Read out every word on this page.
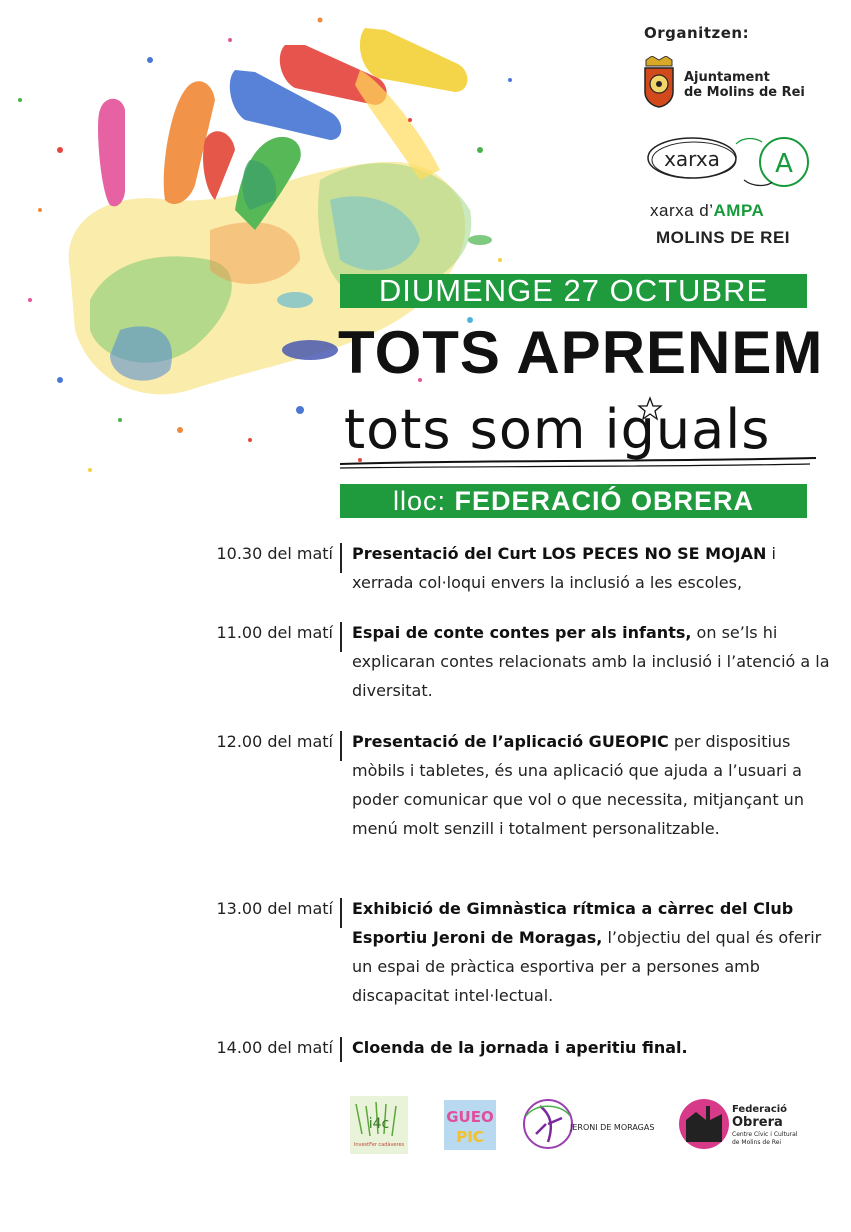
Organitzen:
Ajuntament
de Molins de Rei
xarxa A
xarxa d’AMPA
MOLINS DE REI
DIUMENGE 27 OCTUBRE
TOTS APRENEM
tots som iguals
lloc: FEDERACIÓ OBRERA
10.30 del matí Presentació del Curt LOS PECES NO SE MOJAN i xerrada col·loqui envers la inclusió a les escoles,
11.00 del matí Espai de conte contes per als infants, on se’ls hi explicaran contes relacionats amb la inclusió i l’atenció a la diversitat.
12.00 del matí Presentació de l’aplicació GUEOPIC per dispositius mòbils i tabletes, és una aplicació que ajuda a l’usuari a poder comunicar que vol o que necessita, mitjançant un menú molt senzill i totalment personalitzable.
13.00 del matí Exhibició de Gimnàstica rítmica a càrrec del Club Esportiu Jeroni de Moragas, l’objectiu del qual és oferir un espai de pràctica esportiva per a persones amb discapacitat intel·lectual.
14.00 del matí Cloenda de la jornada i aperitiu final.
i4c
InvestFer cadàveres
GUEO
PIC
JERONI DE MORAGAS
Federació
Obrera
Centre Cívic i Cultural
de Molins de Rei
